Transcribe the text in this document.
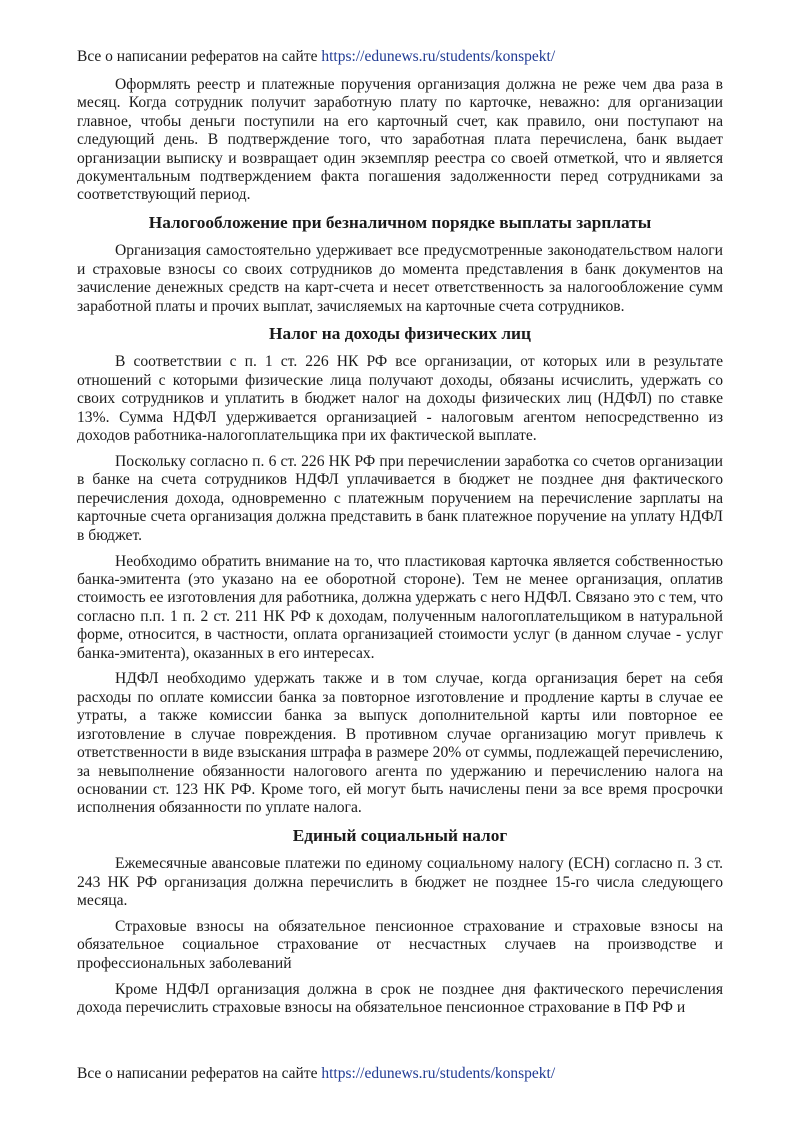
Все о написании рефератов на сайте https://edunews.ru/students/konspekt/

Оформлять реестр и платежные поручения организация должна не реже чем два раза в месяц. Когда сотрудник получит заработную плату по карточке, неважно: для организации главное, чтобы деньги поступили на его карточный счет, как правило, они поступают на следующий день. В подтверждение того, что заработная плата перечислена, банк выдает организации выписку и возвращает один экземпляр реестра со своей отметкой, что и является документальным подтверждением факта погашения задолженности перед сотрудниками за соответствующий период.

Налогообложение при безналичном порядке выплаты зарплаты

Организация самостоятельно удерживает все предусмотренные законодательством налоги и страховые взносы со своих сотрудников до момента представления в банк документов на зачисление денежных средств на карт-счета и несет ответственность за налогообложение сумм заработной платы и прочих выплат, зачисляемых на карточные счета сотрудников.

Налог на доходы физических лиц

В соответствии с п. 1 ст. 226 НК РФ все организации, от которых или в результате отношений с которыми физические лица получают доходы, обязаны исчислить, удержать со своих сотрудников и уплатить в бюджет налог на доходы физических лиц (НДФЛ) по ставке 13%. Сумма НДФЛ удерживается организацией - налоговым агентом непосредственно из доходов работника-налогоплательщика при их фактической выплате.

Поскольку согласно п. 6 ст. 226 НК РФ при перечислении заработка со счетов организации в банке на счета сотрудников НДФЛ уплачивается в бюджет не позднее дня фактического перечисления дохода, одновременно с платежным поручением на перечисление зарплаты на карточные счета организация должна представить в банк платежное поручение на уплату НДФЛ в бюджет.

Необходимо обратить внимание на то, что пластиковая карточка является собственностью банка-эмитента (это указано на ее оборотной стороне). Тем не менее организация, оплатив стоимость ее изготовления для работника, должна удержать с него НДФЛ. Связано это с тем, что согласно п.п. 1 п. 2 ст. 211 НК РФ к доходам, полученным налогоплательщиком в натуральной форме, относится, в частности, оплата организацией стоимости услуг (в данном случае - услуг банка-эмитента), оказанных в его интересах.

НДФЛ необходимо удержать также и в том случае, когда организация берет на себя расходы по оплате комиссии банка за повторное изготовление и продление карты в случае ее утраты, а также комиссии банка за выпуск дополнительной карты или повторное ее изготовление в случае повреждения. В противном случае организацию могут привлечь к ответственности в виде взыскания штрафа в размере 20% от суммы, подлежащей перечислению, за невыполнение обязанности налогового агента по удержанию и перечислению налога на основании ст. 123 НК РФ. Кроме того, ей могут быть начислены пени за все время просрочки исполнения обязанности по уплате налога.

Единый социальный налог

Ежемесячные авансовые платежи по единому социальному налогу (ЕСН) согласно п. 3 ст. 243 НК РФ организация должна перечислить в бюджет не позднее 15-го числа следующего месяца.

Страховые взносы на обязательное пенсионное страхование и страховые взносы на обязательное социальное страхование от несчастных случаев на производстве и профессиональных заболеваний

Кроме НДФЛ организация должна в срок не позднее дня фактического перечисления дохода перечислить страховые взносы на обязательное пенсионное страхование в ПФ РФ и

Все о написании рефератов на сайте https://edunews.ru/students/konspekt/
